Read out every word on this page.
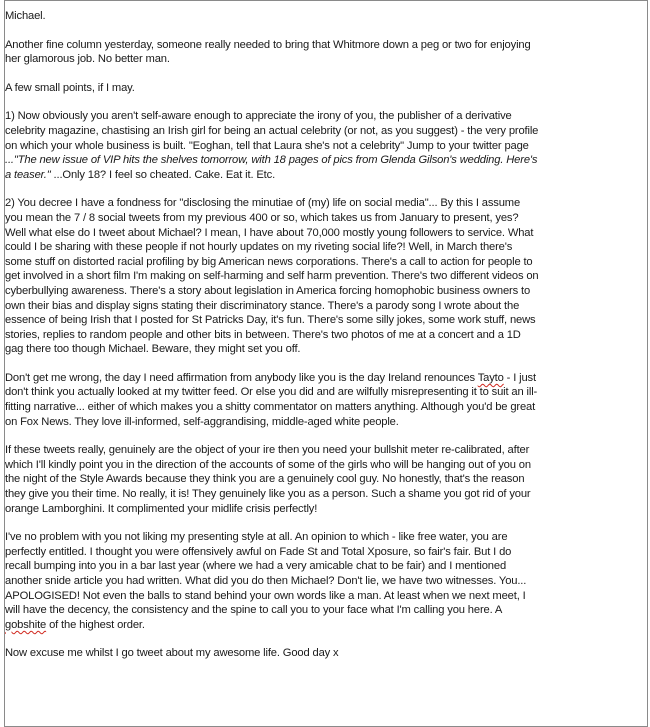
Michael.

Another fine column yesterday, someone really needed to bring that Whitmore down a peg or two for enjoying
her glamorous job. No better man.

A few small points, if I may.

1) Now obviously you aren't self-aware enough to appreciate the irony of you, the publisher of a derivative
celebrity magazine, chastising an Irish girl for being an actual celebrity (or not, as you suggest) - the very profile
on which your whole business is built. "Eoghan, tell that Laura she's not a celebrity" Jump to your twitter page
..."The new issue of VIP hits the shelves tomorrow, with 18 pages of pics from Glenda Gilson's wedding. Here's
a teaser." ...Only 18? I feel so cheated. Cake. Eat it. Etc.

2) You decree I have a fondness for "disclosing the minutiae of (my) life on social media"... By this I assume
you mean the 7 / 8 social tweets from my previous 400 or so, which takes us from January to present, yes?
Well what else do I tweet about Michael? I mean, I have about 70,000 mostly young followers to service. What
could I be sharing with these people if not hourly updates on my riveting social life?! Well, in March there's
some stuff on distorted racial profiling by big American news corporations. There's a call to action for people to
get involved in a short film I'm making on self-harming and self harm prevention. There's two different videos on
cyberbullying awareness. There's a story about legislation in America forcing homophobic business owners to
own their bias and display signs stating their discriminatory stance. There's a parody song I wrote about the
essence of being Irish that I posted for St Patricks Day, it's fun. There's some silly jokes, some work stuff, news
stories, replies to random people and other bits in between. There's two photos of me at a concert and a 1D
gag there too though Michael. Beware, they might set you off.

Don't get me wrong, the day I need affirmation from anybody like you is the day Ireland renounces Tayto - I just
don't think you actually looked at my twitter feed. Or else you did and are wilfully misrepresenting it to suit an ill-
fitting narrative... either of which makes you a shitty commentator on matters anything. Although you'd be great
on Fox News. They love ill-informed, self-aggrandising, middle-aged white people.

If these tweets really, genuinely are the object of your ire then you need your bullshit meter re-calibrated, after
which I'll kindly point you in the direction of the accounts of some of the girls who will be hanging out of you on
the night of the Style Awards because they think you are a genuinely cool guy. No honestly, that's the reason
they give you their time. No really, it is! They genuinely like you as a person. Such a shame you got rid of your
orange Lamborghini. It complimented your midlife crisis perfectly!

I've no problem with you not liking my presenting style at all. An opinion to which - like free water, you are
perfectly entitled. I thought you were offensively awful on Fade St and Total Xposure, so fair's fair. But I do
recall bumping into you in a bar last year (where we had a very amicable chat to be fair) and I mentioned
another snide article you had written. What did you do then Michael? Don't lie, we have two witnesses. You...
APOLOGISED! Not even the balls to stand behind your own words like a man. At least when we next meet, I
will have the decency, the consistency and the spine to call you to your face what I'm calling you here. A
gobshite of the highest order.

Now excuse me whilst I go tweet about my awesome life. Good day x
